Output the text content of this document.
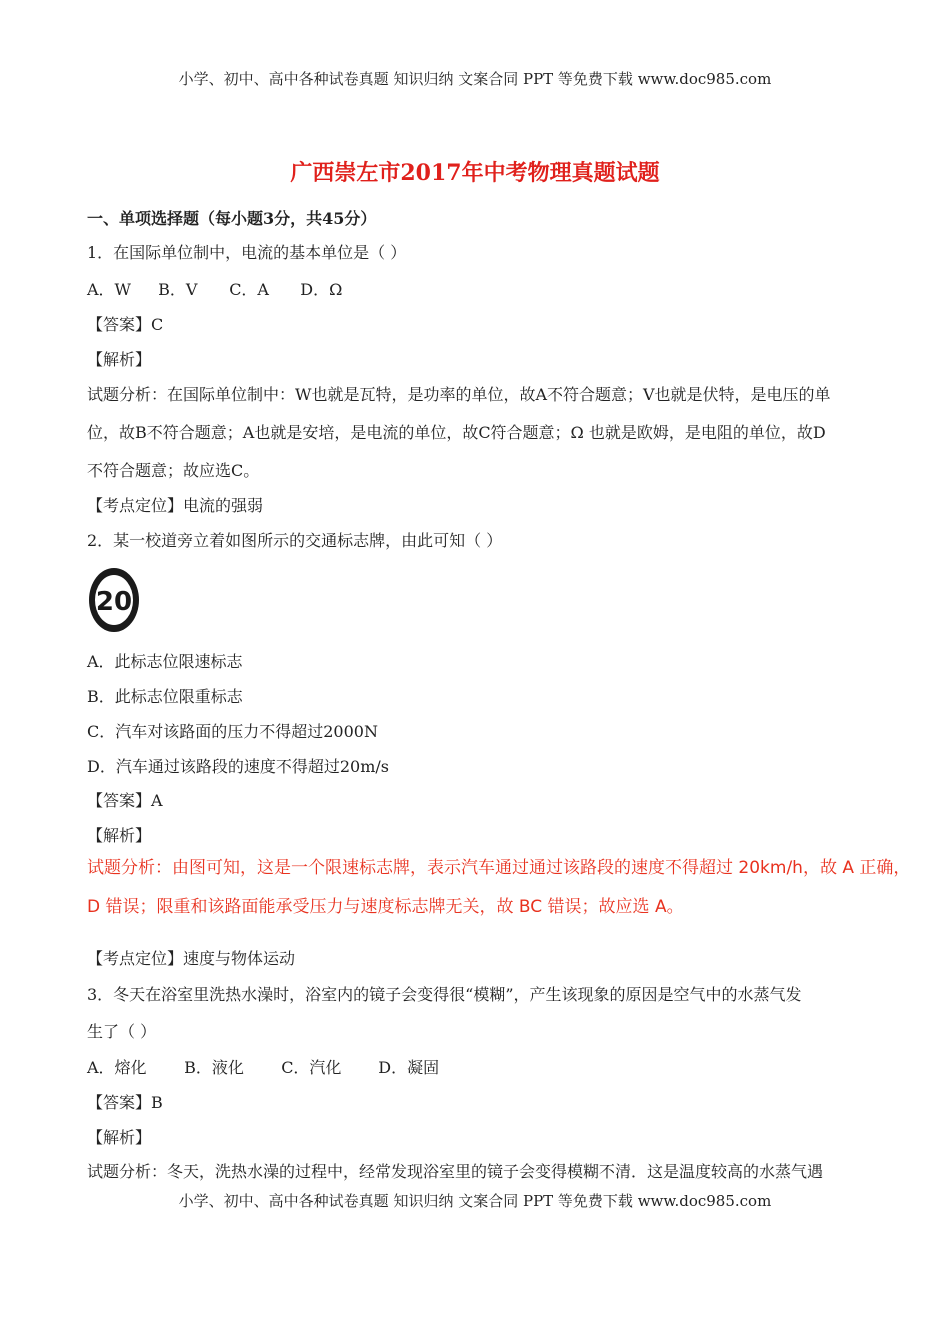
小学、初中、高中各种试卷真题 知识归纳 文案合同 PPT 等免费下载 www.doc985.com
广西崇左市2017年中考物理真题试题
一、单项选择题（每小题3分，共45分）
1．在国际单位制中，电流的基本单位是（ ）
A．W B．V C．A D．Ω
【答案】C
【解析】
试题分析：在国际单位制中：W也就是瓦特，是功率的单位，故A不符合题意；V也就是伏特，是电压的单
位，故B不符合题意；A也就是安培，是电流的单位，故C符合题意；Ω 也就是欧姆，是电阻的单位，故D
不符合题意；故应选C。
【考点定位】电流的强弱
2．某一校道旁立着如图所示的交通标志牌，由此可知（ ）
20
A．此标志位限速标志
B．此标志位限重标志
C．汽车对该路面的压力不得超过2000N
D．汽车通过该路段的速度不得超过20m/s
【答案】A
【解析】
试题分析：由图可知，这是一个限速标志牌，表示汽车通过通过该路段的速度不得超过 20km/h，故 A 正确，
D 错误；限重和该路面能承受压力与速度标志牌无关，故 BC 错误；故应选 A。
【考点定位】速度与物体运动
3．冬天在浴室里洗热水澡时，浴室内的镜子会变得很“模糊”，产生该现象的原因是空气中的水蒸气发
生了（ ）
A．熔化 B．液化 C．汽化 D．凝固
【答案】B
【解析】
试题分析：冬天，洗热水澡的过程中，经常发现浴室里的镜子会变得模糊不清．这是温度较高的水蒸气遇
小学、初中、高中各种试卷真题 知识归纳 文案合同 PPT 等免费下载 www.doc985.com
